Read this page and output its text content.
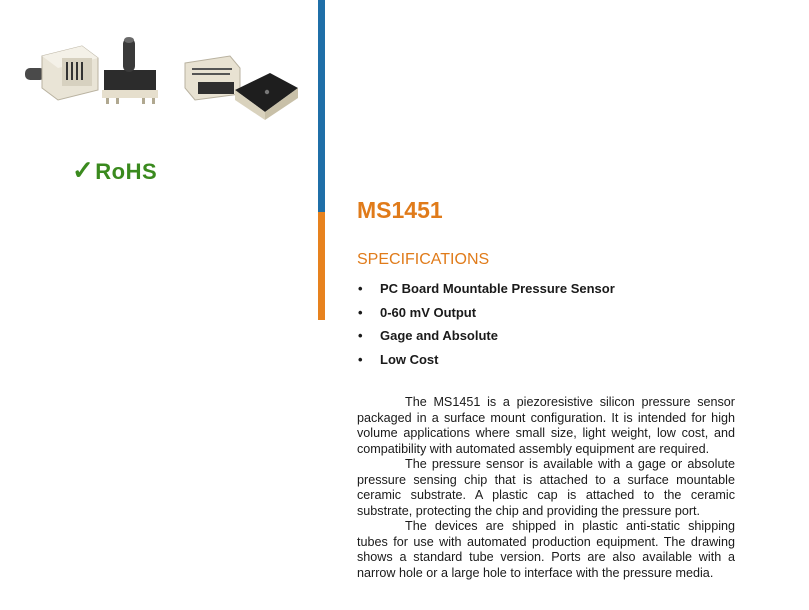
✓RoHS
MS1451
SPECIFICATIONS
• PC Board Mountable Pressure Sensor
• 0-60 mV Output
• Gage and Absolute
• Low Cost

The MS1451 is a piezoresistive silicon pressure sensor packaged in a surface mount configuration. It is intended for high volume applications where small size, light weight, low cost, and compatibility with automated assembly equipment are required.

The pressure sensor is available with a gage or absolute pressure sensing chip that is attached to a surface mountable ceramic substrate. A plastic cap is attached to the ceramic substrate, protecting the chip and providing the pressure port.

The devices are shipped in plastic anti-static shipping tubes for use with automated production equipment. The drawing shows a standard tube version. Ports are also available with a narrow hole or a large hole to interface with the pressure media.
